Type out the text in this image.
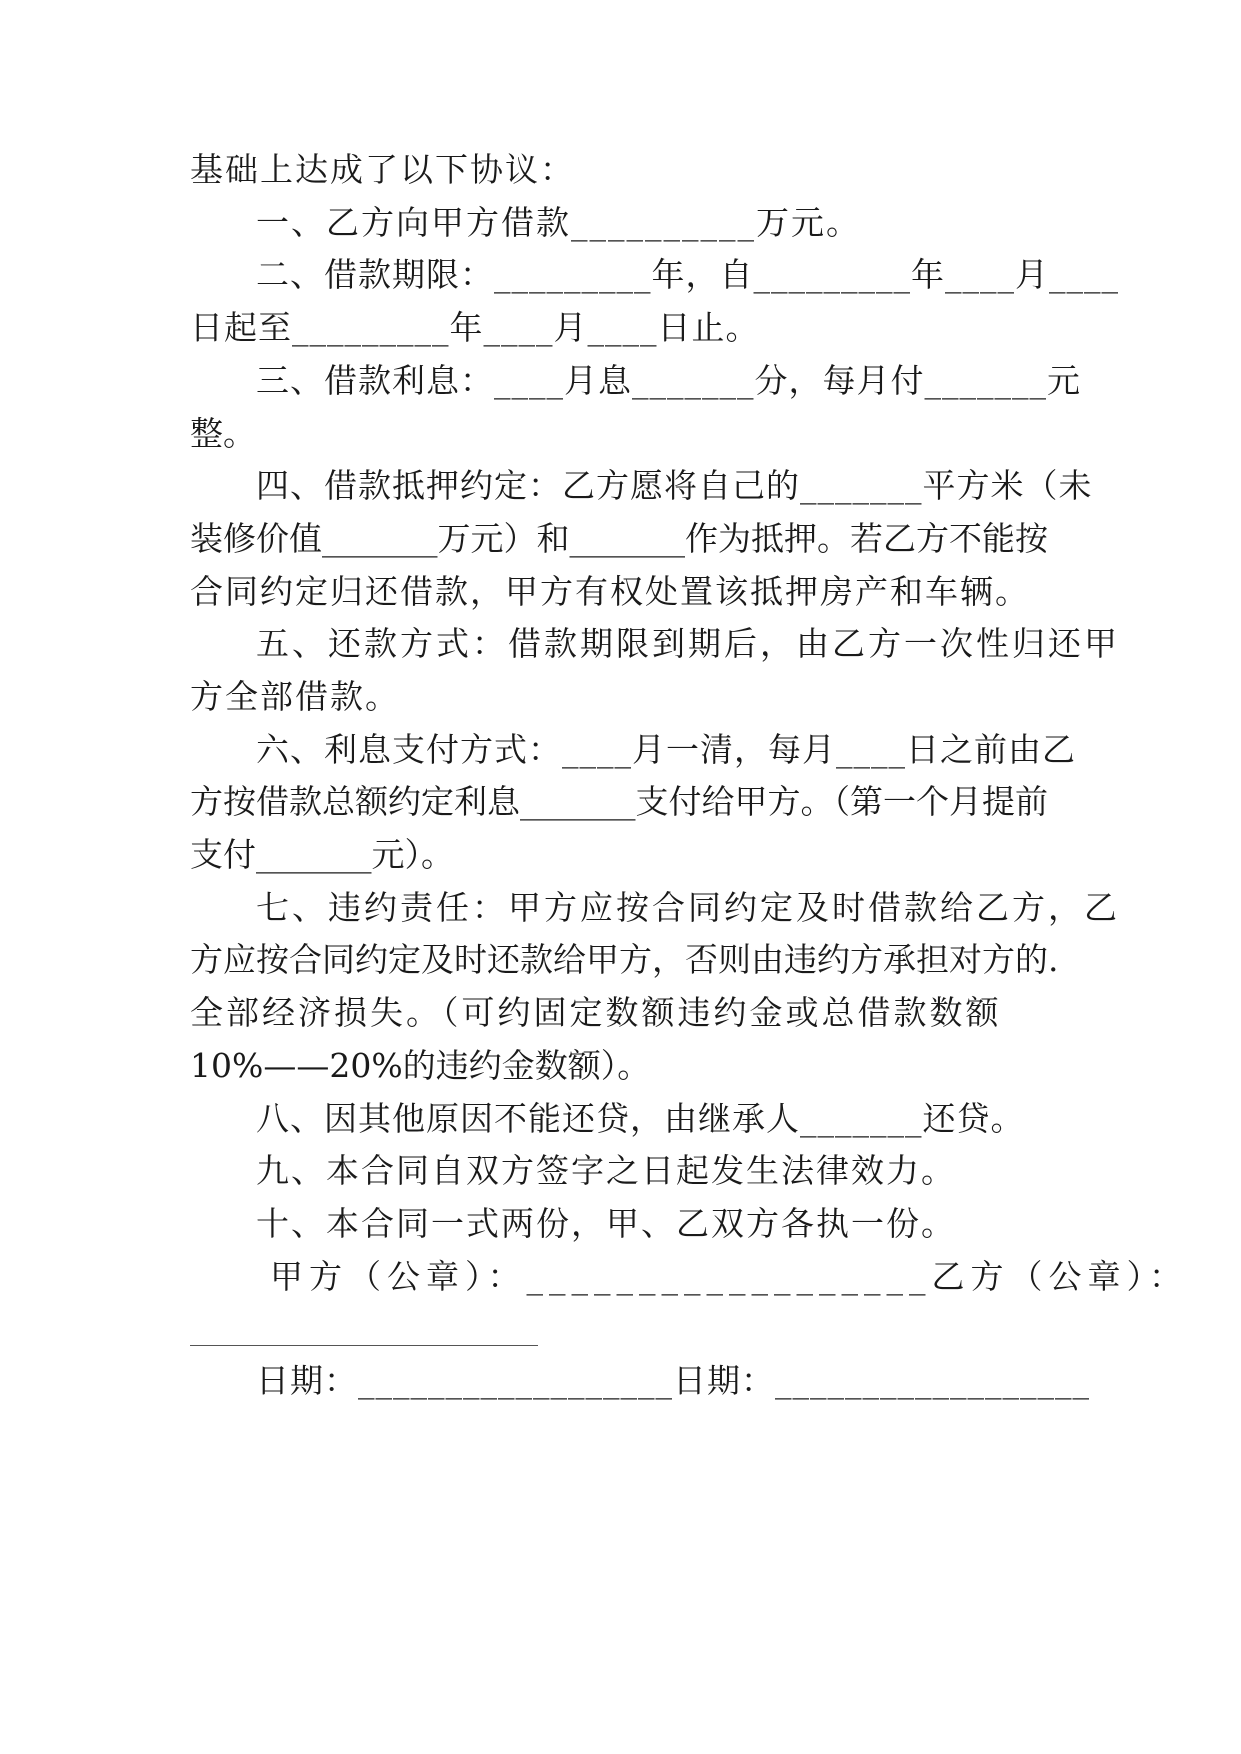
基础上达成了以下协议：
一、乙方向甲方借款__________万元。
二、借款期限：_________年，自_________年____月____
日起至_________年____月____日止。
三、借款利息：____月息_______分，每月付_______元
整。
四、借款抵押约定：乙方愿将自己的_______平方米（未
装修价值_______万元）和_______作为抵押。若乙方不能按
合同约定归还借款，甲方有权处置该抵押房产和车辆。
五、还款方式：借款期限到期后，由乙方一次性归还甲
方全部借款。
六、利息支付方式：____月一清，每月____日之前由乙
方按借款总额约定利息_______支付给甲方。（第一个月提前
支付_______元）。
七、违约责任：甲方应按合同约定及时借款给乙方，乙
方应按合同约定及时还款给甲方，否则由违约方承担对方的.
全部经济损失。（可约固定数额违约金或总借款数额
10%——20%的违约金数额）。
八、因其他原因不能还贷，由继承人_______还贷。
九、本合同自双方签字之日起发生法律效力。
十、本合同一式两份，甲、乙双方各执一份。
甲方（公章）：__________________乙方（公章）：
日期：__________________日期：__________________
